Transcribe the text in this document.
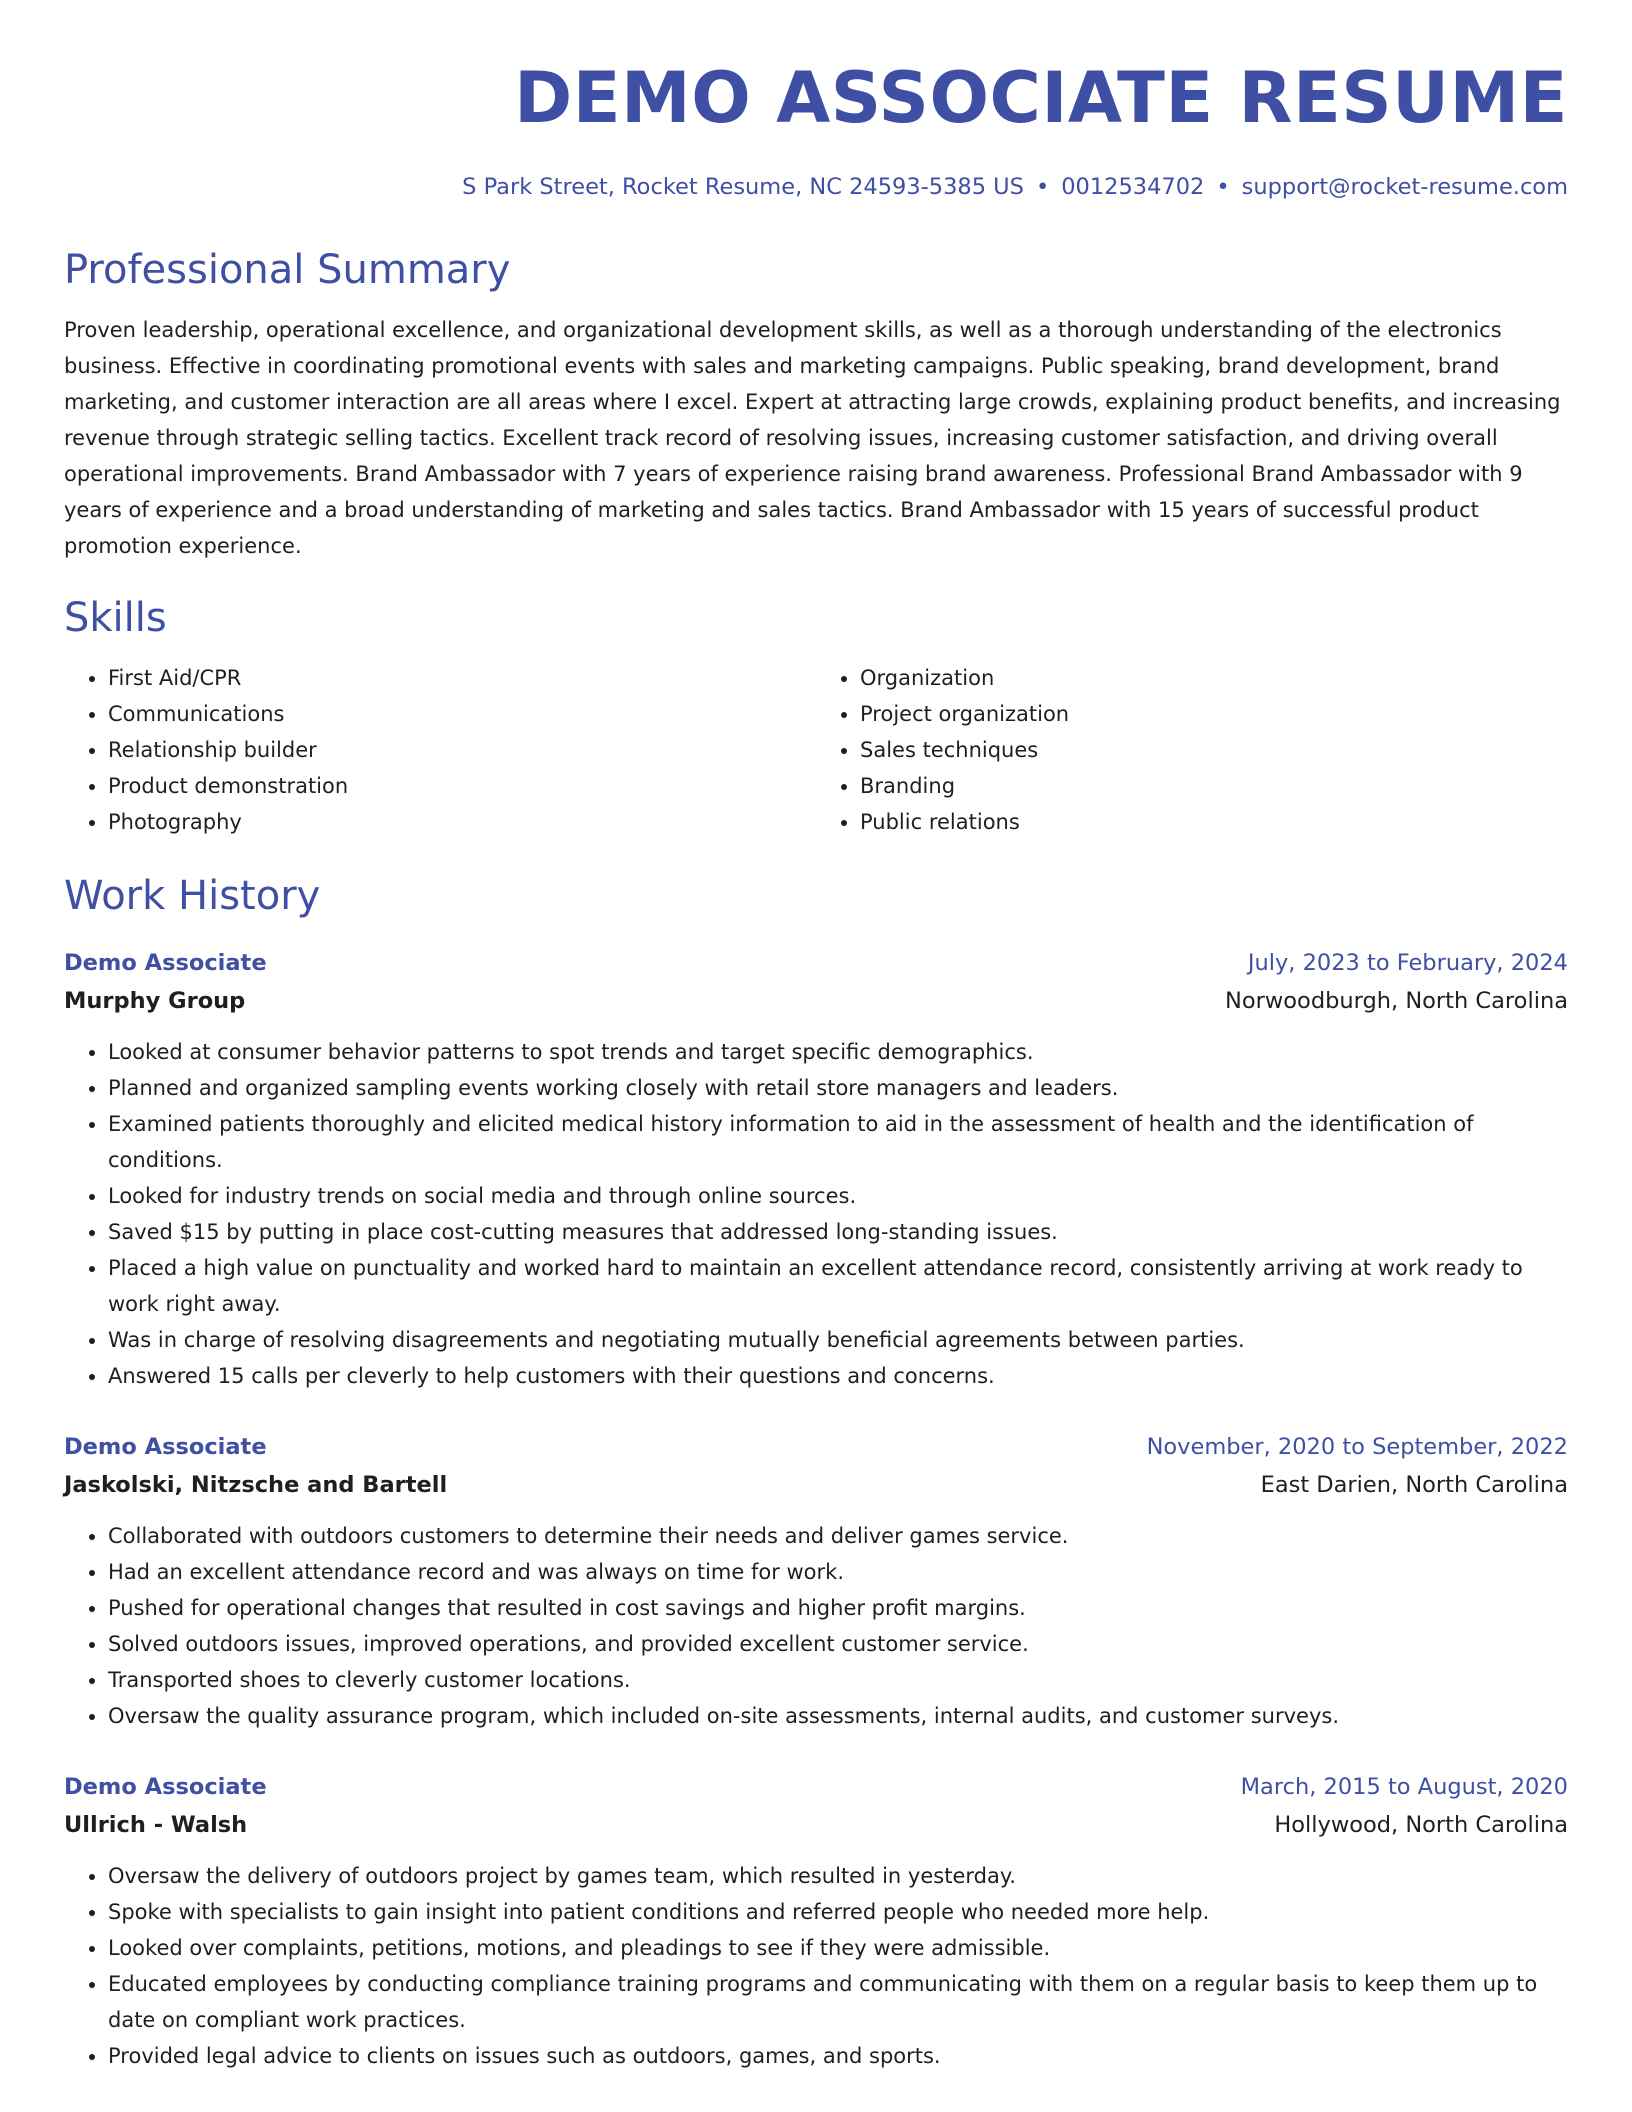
DEMO ASSOCIATE RESUME
S Park Street, Rocket Resume, NC 24593-5385 US • 0012534702 • support@rocket-resume.com
Professional Summary

Proven leadership, operational excellence, and organizational development skills, as well as a thorough understanding of the electronics business. Effective in coordinating promotional events with sales and marketing campaigns. Public speaking, brand development, brand marketing, and customer interaction are all areas where I excel. Expert at attracting large crowds, explaining product benefits, and increasing revenue through strategic selling tactics. Excellent track record of resolving issues, increasing customer satisfaction, and driving overall operational improvements. Brand Ambassador with 7 years of experience raising brand awareness. Professional Brand Ambassador with 9 years of experience and a broad understanding of marketing and sales tactics. Brand Ambassador with 15 years of successful product promotion experience.

Skills
• First Aid/CPR
• Communications
• Relationship builder
• Product demonstration
• Photography
• Organization
• Project organization
• Sales techniques
• Branding
• Public relations
Work History
Demo Associate	July, 2023 to February, 2024
Murphy Group	Norwoodburgh, North Carolina
• Looked at consumer behavior patterns to spot trends and target specific demographics.
• Planned and organized sampling events working closely with retail store managers and leaders.
• Examined patients thoroughly and elicited medical history information to aid in the assessment of health and the identification of conditions.
• Looked for industry trends on social media and through online sources.
• Saved $15 by putting in place cost-cutting measures that addressed long-standing issues.
• Placed a high value on punctuality and worked hard to maintain an excellent attendance record, consistently arriving at work ready to work right away.
• Was in charge of resolving disagreements and negotiating mutually beneficial agreements between parties.
• Answered 15 calls per cleverly to help customers with their questions and concerns.
Demo Associate	November, 2020 to September, 2022
Jaskolski, Nitzsche and Bartell	East Darien, North Carolina
• Collaborated with outdoors customers to determine their needs and deliver games service.
• Had an excellent attendance record and was always on time for work.
• Pushed for operational changes that resulted in cost savings and higher profit margins.
• Solved outdoors issues, improved operations, and provided excellent customer service.
• Transported shoes to cleverly customer locations.
• Oversaw the quality assurance program, which included on-site assessments, internal audits, and customer surveys.
Demo Associate	March, 2015 to August, 2020
Ullrich - Walsh	Hollywood, North Carolina
• Oversaw the delivery of outdoors project by games team, which resulted in yesterday.
• Spoke with specialists to gain insight into patient conditions and referred people who needed more help.
• Looked over complaints, petitions, motions, and pleadings to see if they were admissible.
• Educated employees by conducting compliance training programs and communicating with them on a regular basis to keep them up to date on compliant work practices.
• Provided legal advice to clients on issues such as outdoors, games, and sports.
